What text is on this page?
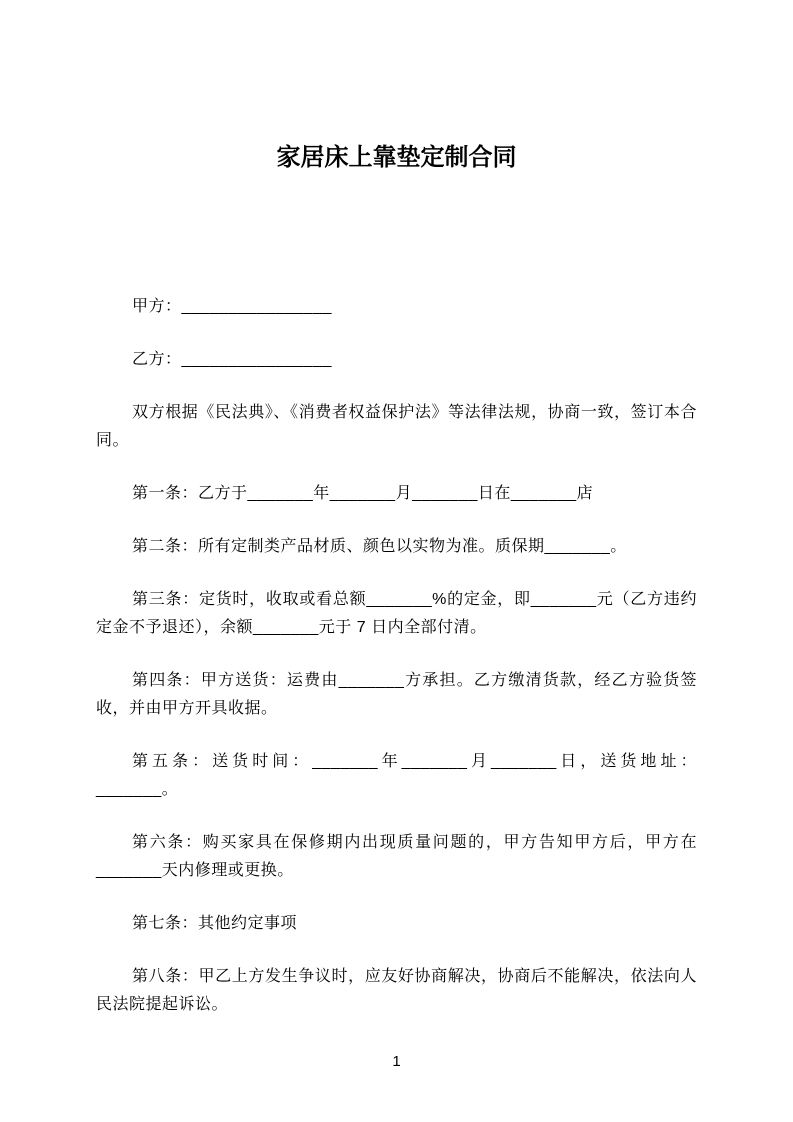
家居床上靠垫定制合同

甲方：________________

乙方：________________

双方根据《民法典》、《消费者权益保护法》等法律法规，协商一致，签订本合同。

第一条：乙方于_______年_______月_______日在_______店

第二条：所有定制类产品材质、颜色以实物为准。质保期_______。

第三条：定货时，收取或看总额_______%的定金，即_______元（乙方违约定金不予退还），余额_______元于 7 日内全部付清。

第四条：甲方送货：运费由_______方承担。乙方缴清货款，经乙方验货签收，并由甲方开具收据。

第五条：送货时间：_______年_______月_______日，送货地址：_______。

第六条：购买家具在保修期内出现质量问题的，甲方告知甲方后，甲方在_______天内修理或更换。

第七条：其他约定事项

第八条：甲乙上方发生争议时，应友好协商解决，协商后不能解决，依法向人民法院提起诉讼。

1
